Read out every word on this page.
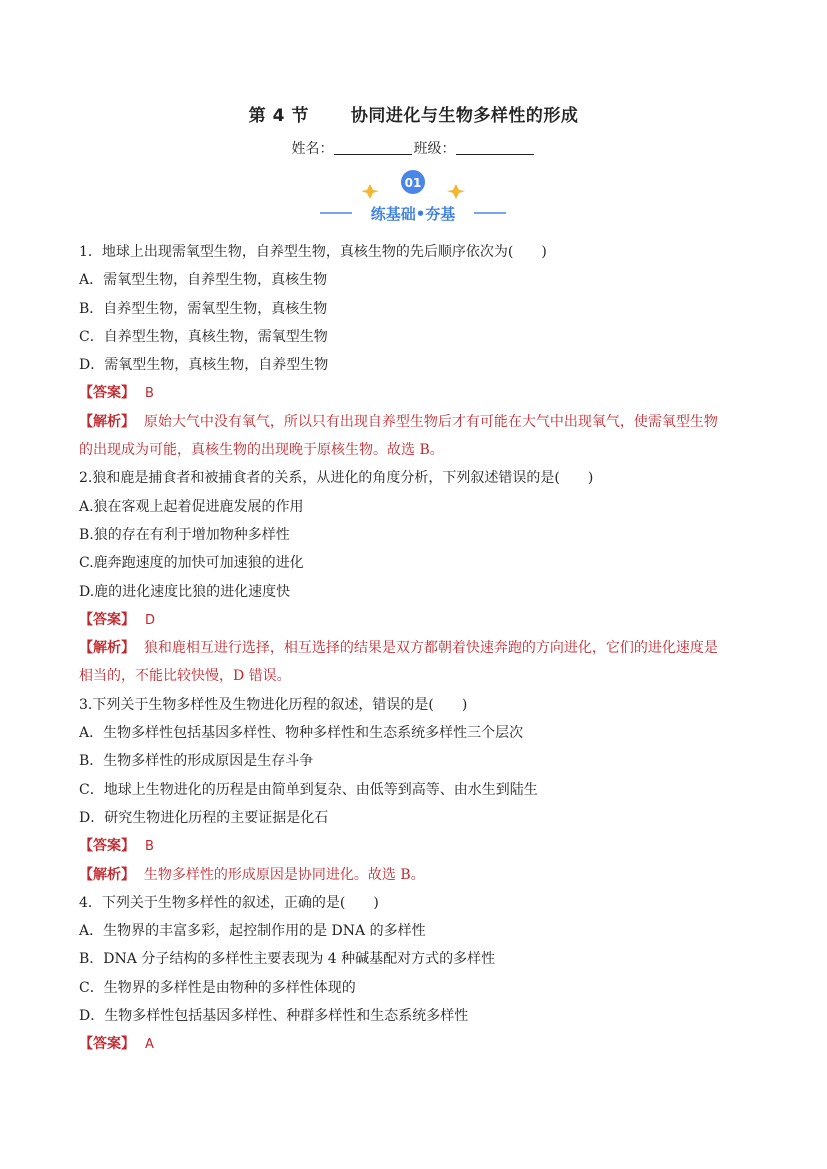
第 4 节 协同进化与生物多样性的形成
姓名：	班级：
01
练基础•夯基
1．地球上出现需氧型生物，自养型生物，真核生物的先后顺序依次为(　　)
A．需氧型生物，自养型生物，真核生物
B．自养型生物，需氧型生物，真核生物
C．自养型生物，真核生物，需氧型生物
D．需氧型生物，真核生物，自养型生物
【答案】 B
【解析】 原始大气中没有氧气，所以只有出现自养型生物后才有可能在大气中出现氧气，使需氧型生物
的出现成为可能，真核生物的出现晚于原核生物。故选 B。
2.狼和鹿是捕食者和被捕食者的关系，从进化的角度分析，下列叙述错误的是(　　)
A.狼在客观上起着促进鹿发展的作用
B.狼的存在有利于增加物种多样性
C.鹿奔跑速度的加快可加速狼的进化
D.鹿的进化速度比狼的进化速度快
【答案】 D
【解析】 狼和鹿相互进行选择，相互选择的结果是双方都朝着快速奔跑的方向进化，它们的进化速度是
相当的，不能比较快慢，D 错误。
3.下列关于生物多样性及生物进化历程的叙述，错误的是(　　)
A．生物多样性包括基因多样性、物种多样性和生态系统多样性三个层次
B．生物多样性的形成原因是生存斗争
C．地球上生物进化的历程是由简单到复杂、由低等到高等、由水生到陆生
D．研究生物进化历程的主要证据是化石
【答案】 B
【解析】 生物多样性的形成原因是协同进化。故选 B。
4．下列关于生物多样性的叙述，正确的是(　　)
A．生物界的丰富多彩，起控制作用的是 DNA 的多样性
B．DNA 分子结构的多样性主要表现为 4 种碱基配对方式的多样性
C．生物界的多样性是由物种的多样性体现的
D．生物多样性包括基因多样性、种群多样性和生态系统多样性
【答案】 A
